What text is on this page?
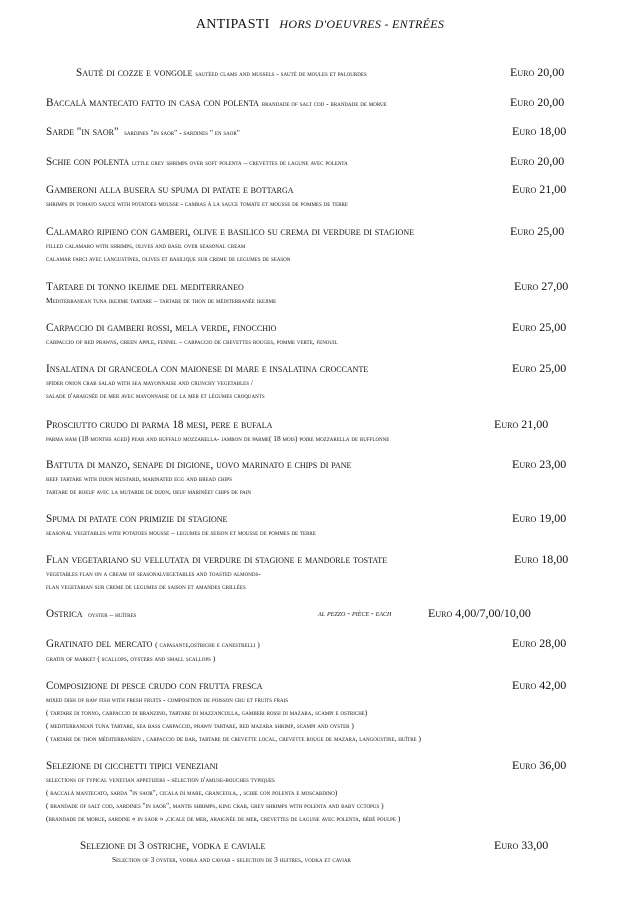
ANTIPASTI HORS D'OEUVRES - ENTRÉES
Sautè di cozze e vongole sautèed clams and mussels - sauté de moules et palourdes	Euro 20,00
Baccalà mantecato fatto in casa con polenta brandade of salt cod - brandade de morue	Euro 20,00
Sarde "in saor" sardines "in saor" - sardines " en saor"	Euro 18,00
Schie con polenta little grey shrimps over soft polenta – crevettes de lagune avec polenta	Euro 20,00
Gamberoni alla busera su spuma di patate e bottarga
shrimps in tomato sauce with potatoes mousse - cambas à la sauce tomate et mousse de pommes de terre
Euro 21,00
Calamaro ripieno con gamberi, olive e basilico su crema di verdure di stagione
filled calamaro with shrimps, olives and basil over seasonal cream
calamar farci avec langustines, olives et basilique sur creme de legumes de season
Euro 25,00
Tartare di tonno ikejime del mediterraneo
Mediterranean tuna ikejime tartare – tartare de thon de méditerranée ikejime
Euro 27,00
Carpaccio di gamberi rossi, mela verde, finocchio
carpaccio of red prawns, green apple, fennel – carpaccio de crevettes rouges, pomme verte, fenouil
Euro 25,00
Insalatina di granceola con maionese di mare e insalatina croccante
spider onion crab salad with sea mayonnaise and crunchy vegetables /
salade d'araignée de mer avec mayonnaise de la mer et légumes croquants
Euro 25,00
Prosciutto crudo di parma 18 mesi, pere e bufala
parma ham (18 months aged) pear and buffalo mozzarella- jambon de parme( 18 mois) poire mozzarella de bufflonne
Euro 21,00
Battuta di manzo, senape di digione, uovo marinato e chips di pane
beef tartare with dijon mustard, marinated egg and bread chips
tartare de boeuf avec la mutarde de dijon, oeuf marinéet chips de pain
Euro 23,00
Spuma di patate con primizie di stagione
seasonal vegetables with potatoes mousse – legumes de seison et mousse de pommes de terre
Euro 19,00
Flan vegetariano su vellutata di verdure di stagione e mandorle tostate
vegetables flan on a cream of seasonalvegetables and toasted almonds-
flan vegetarian sur creme de legumes de saison et amandes grillées
Euro 18,00
Ostrica oyster – huîtres	al pezzo - pièce - each	Euro 4,00/7,00/10,00
Gratinato del mercato ( capasante,ostriche e canestrelli )
gratin of market ( scallops, oysters and small scallops )
Euro 28,00
Composizione di pesce crudo con frutta fresca
mixed dish of raw fish with fresh fruits - composition de poisson cru et fruits frais
( tartare di tonno, carpaccio di branzino, tartare di mazzancolla, gamberi rossi di mazara, scampi e ostriche)
( mediterranean tuna tartare, sea bass carpaccio, prawn tartare, red mazara shrimp, scampi and oyster )
( tartare de thon méditerranéen , carpaccio de bar, tartare de crevette local, crevette rouge de mazara, langoustine, huître )
Euro 42,00
Selezione di cicchetti tipici veneziani
selections of typical venetian appetizers - sélection d'amuse-bouches typiques
( baccalà mantecato, sarda "in saor", cicala di mare, granceola, , schie con polenta e moscardino)
( brandade of salt cod, sardines "in saor", mantis shrimps, king crab, grey shrimps with polenta and baby cctopus )
(brandade de morue, sardine « in saor » ,cicale de mer, araignée de mer, crevettes de lagune avec polenta, bébé poulpe )
Euro 36,00
Selezione di 3 ostriche, vodka e caviale
Selection of 3 oyster, vodka and caviar - selection de 3 huitres, vodka et caviar
Euro 33,00
